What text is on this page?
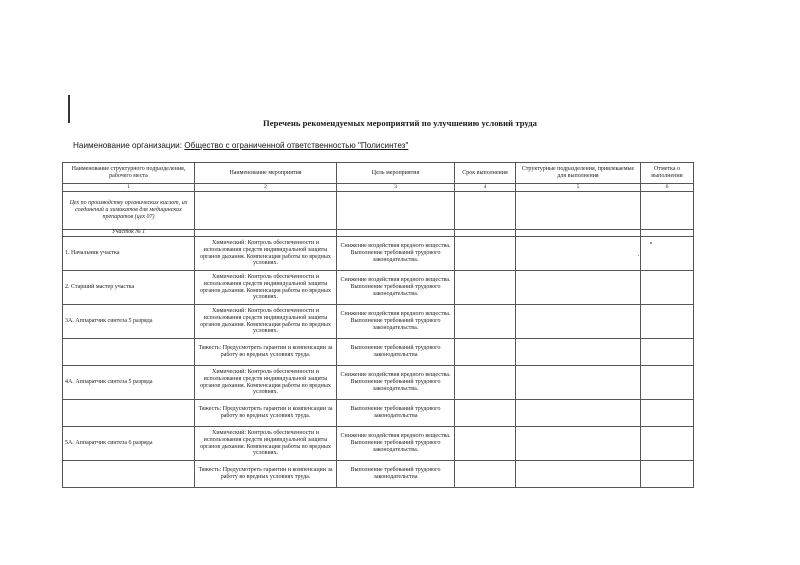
Перечень рекомендуемых мероприятий по улучшению условий труда
Наименование организации: Общество с ограниченной ответственностью "Полисинтез"
Наименование структурного подразделения, рабочего места	Наименование мероприятия	Цель мероприятия	Срок выполнения	Структурные подразделения, привлекаемые для выполнения	Отметка о выполнении
1	2	3	4	5	6
Цех по производству органических кислот, их соединений и химикатов для медицинских препаратов (цех 07)					
Участок № 1					
1. Начальник участка	Химический: Контроль обеспеченности и использования средств индивидуальной защиты органов дыхания. Компенсация работы во вредных условиях.	Снижение воздействия вредного вещества. Выполнение требований трудового законодательства.			
2. Старший мастер участка	Химический: Контроль обеспеченности и использования средств индивидуальной защиты органов дыхания. Компенсация работы во вредных условиях.	Снижение воздействия вредного вещества. Выполнение требований трудового законодательства.			
3А. Аппаратчик синтеза 5 разряда	Химический: Контроль обеспеченности и использования средств индивидуальной защиты органов дыхания. Компенсация работы во вредных условиях.	Снижение воздействия вредного вещества. Выполнение требований трудового законодательства.			
	Тяжесть: Предусмотреть гарантии и компенсации за работу во вредных условиях труда.	Выполнение требований трудового законодательства			
4А. Аппаратчик синтеза 5 разряда	Химический: Контроль обеспеченности и использования средств индивидуальной защиты органов дыхания. Компенсация работы во вредных условиях.	Снижение воздействия вредного вещества. Выполнение требований трудового законодательства.			
	Тяжесть: Предусмотреть гарантии и компенсации за работу во вредных условиях труда.	Выполнение требований трудового законодательства			
5А. Аппаратчик синтеза 6 разряда	Химический: Контроль обеспеченности и использования средств индивидуальной защиты органов дыхания. Компенсация работы во вредных условиях.	Снижение воздействия вредного вещества. Выполнение требований трудового законодательства.			
	Тяжесть: Предусмотреть гарантии и компенсации за работу во вредных условиях труда.	Выполнение требований трудового законодательства			
